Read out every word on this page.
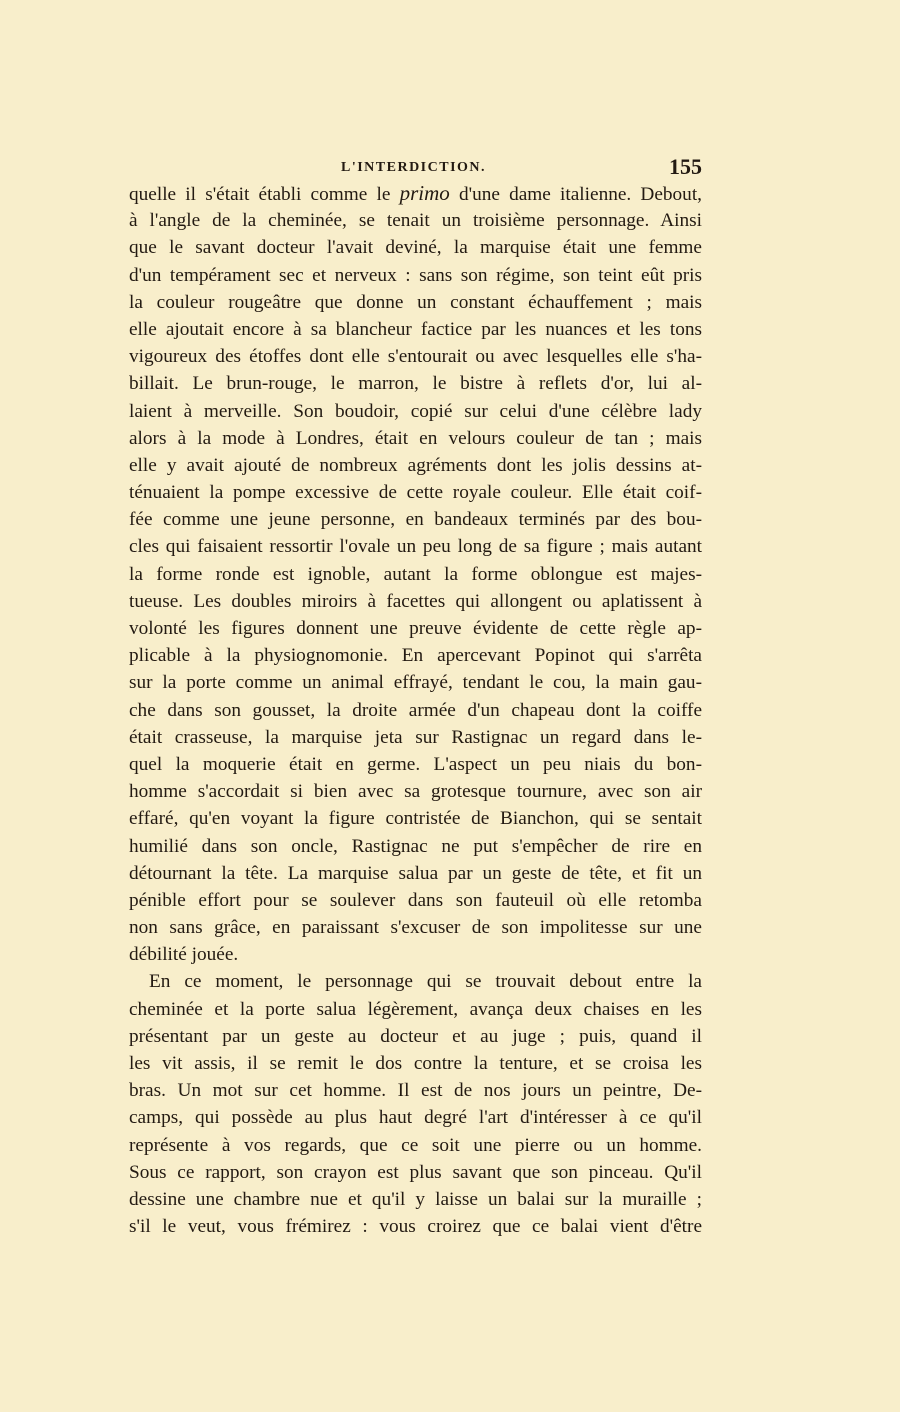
L'INTERDICTION.	155
quelle il s'était établi comme le primo d'une dame italienne. Debout,
à l'angle de la cheminée, se tenait un troisième personnage. Ainsi
que le savant docteur l'avait deviné, la marquise était une femme
d'un tempérament sec et nerveux : sans son régime, son teint eût pris
la couleur rougeâtre que donne un constant échauffement ; mais
elle ajoutait encore à sa blancheur factice par les nuances et les tons
vigoureux des étoffes dont elle s'entourait ou avec lesquelles elle s'ha-
billait. Le brun-rouge, le marron, le bistre à reflets d'or, lui al-
laient à merveille. Son boudoir, copié sur celui d'une célèbre lady
alors à la mode à Londres, était en velours couleur de tan ; mais
elle y avait ajouté de nombreux agréments dont les jolis dessins at-
ténuaient la pompe excessive de cette royale couleur. Elle était coif-
fée comme une jeune personne, en bandeaux terminés par des bou-
cles qui faisaient ressortir l'ovale un peu long de sa figure ; mais autant
la forme ronde est ignoble, autant la forme oblongue est majes-
tueuse. Les doubles miroirs à facettes qui allongent ou aplatissent à
volonté les figures donnent une preuve évidente de cette règle ap-
plicable à la physiognomonie. En apercevant Popinot qui s'arrêta
sur la porte comme un animal effrayé, tendant le cou, la main gau-
che dans son gousset, la droite armée d'un chapeau dont la coiffe
était crasseuse, la marquise jeta sur Rastignac un regard dans le-
quel la moquerie était en germe. L'aspect un peu niais du bon-
homme s'accordait si bien avec sa grotesque tournure, avec son air
effaré, qu'en voyant la figure contristée de Bianchon, qui se sentait
humilié dans son oncle, Rastignac ne put s'empêcher de rire en
détournant la tête. La marquise salua par un geste de tête, et fit un
pénible effort pour se soulever dans son fauteuil où elle retomba
non sans grâce, en paraissant s'excuser de son impolitesse sur une
débilité jouée.
En ce moment, le personnage qui se trouvait debout entre la
cheminée et la porte salua légèrement, avança deux chaises en les
présentant par un geste au docteur et au juge ; puis, quand il
les vit assis, il se remit le dos contre la tenture, et se croisa les
bras. Un mot sur cet homme. Il est de nos jours un peintre, De-
camps, qui possède au plus haut degré l'art d'intéresser à ce qu'il
représente à vos regards, que ce soit une pierre ou un homme.
Sous ce rapport, son crayon est plus savant que son pinceau. Qu'il
dessine une chambre nue et qu'il y laisse un balai sur la muraille ;
s'il le veut, vous frémirez : vous croirez que ce balai vient d'être
